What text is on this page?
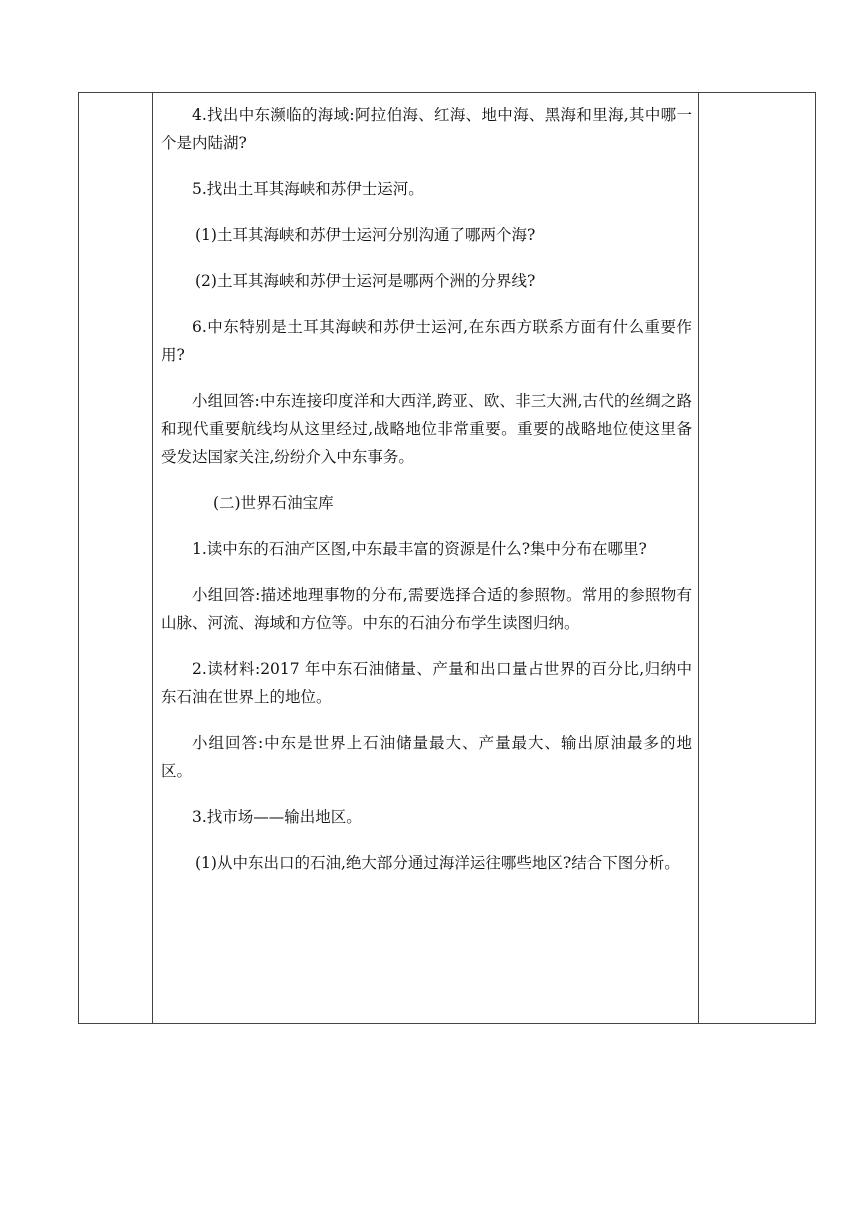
4.找出中东濒临的海域:阿拉伯海、红海、地中海、黑海和里海,其中哪一个是内陆湖?

5.找出土耳其海峡和苏伊士运河。

(1)土耳其海峡和苏伊士运河分别沟通了哪两个海?

(2)土耳其海峡和苏伊士运河是哪两个洲的分界线?

6.中东特别是土耳其海峡和苏伊士运河,在东西方联系方面有什么重要作用?

小组回答:中东连接印度洋和大西洋,跨亚、欧、非三大洲,古代的丝绸之路和现代重要航线均从这里经过,战略地位非常重要。重要的战略地位使这里备受发达国家关注,纷纷介入中东事务。

(二)世界石油宝库

1.读中东的石油产区图,中东最丰富的资源是什么?集中分布在哪里?

小组回答:描述地理事物的分布,需要选择合适的参照物。常用的参照物有山脉、河流、海域和方位等。中东的石油分布学生读图归纳。

2.读材料:2017 年中东石油储量、产量和出口量占世界的百分比,归纳中东石油在世界上的地位。

小组回答:中东是世界上石油储量最大、产量最大、输出原油最多的地区。

3.找市场——输出地区。

(1)从中东出口的石油,绝大部分通过海洋运往哪些地区?结合下图分析。
